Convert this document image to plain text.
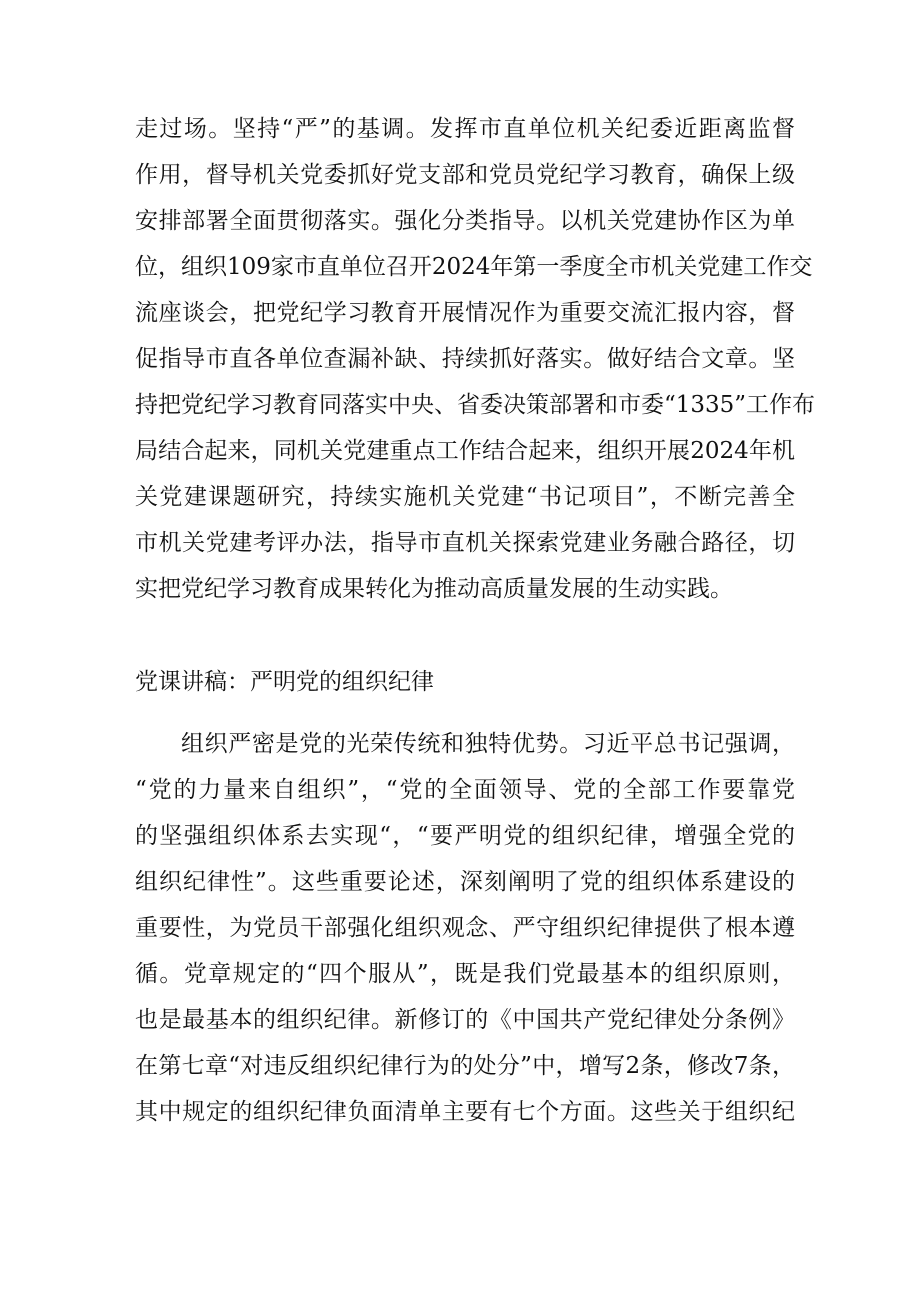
走过场。坚持“严”的基调。发挥市直单位机关纪委近距离监督
作用，督导机关党委抓好党支部和党员党纪学习教育，确保上级
安排部署全面贯彻落实。强化分类指导。以机关党建协作区为单
位，组织109家市直单位召开2024年第一季度全市机关党建工作交
流座谈会，把党纪学习教育开展情况作为重要交流汇报内容，督
促指导市直各单位查漏补缺、持续抓好落实。做好结合文章。坚
持把党纪学习教育同落实中央、省委决策部署和市委“1335”工作布
局结合起来，同机关党建重点工作结合起来，组织开展2024年机
关党建课题研究，持续实施机关党建“书记项目”，不断完善全
市机关党建考评办法，指导市直机关探索党建业务融合路径，切
实把党纪学习教育成果转化为推动高质量发展的生动实践。
党课讲稿：严明党的组织纪律
组织严密是党的光荣传统和独特优势。习近平总书记强调，
“党的力量来自组织”，“党的全面领导、党的全部工作要靠党
的坚强组织体系去实现“，“要严明党的组织纪律，增强全党的
组织纪律性”。这些重要论述，深刻阐明了党的组织体系建设的
重要性，为党员干部强化组织观念、严守组织纪律提供了根本遵
循。党章规定的“四个服从”，既是我们党最基本的组织原则，
也是最基本的组织纪律。新修订的《中国共产党纪律处分条例》
在第七章“对违反组织纪律行为的处分”中，增写2条，修改7条，
其中规定的组织纪律负面清单主要有七个方面。这些关于组织纪
